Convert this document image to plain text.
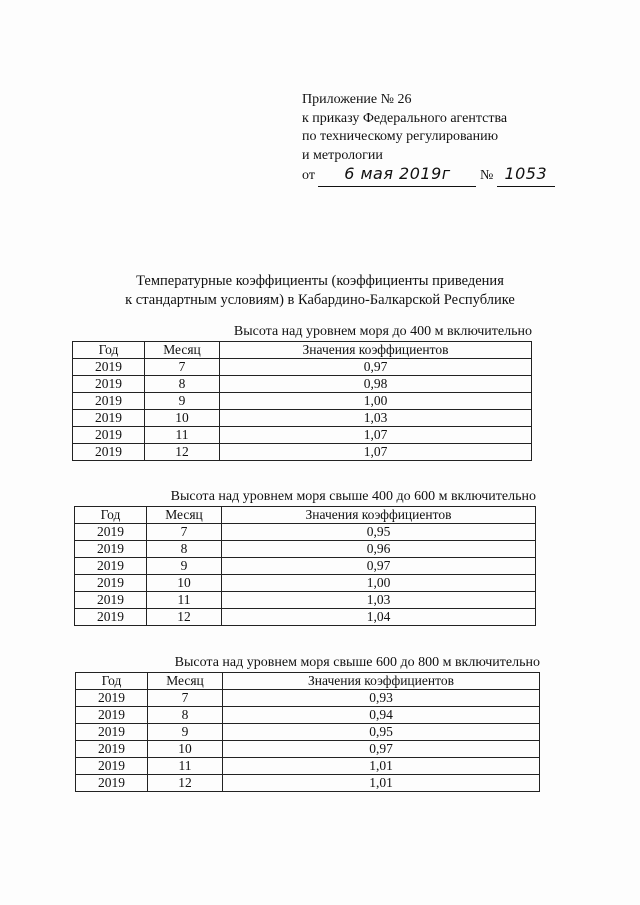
Приложение № 26
к приказу Федерального агентства
по техническому регулированию
и метрологии
от 6 мая 2019г № 1053
Температурные коэффициенты (коэффициенты приведения
к стандартным условиям) в Кабардино-Балкарской Республике
Высота над уровнем моря до 400 м включительно
Год	Месяц	Значения коэффициентов
2019	7	0,97
2019	8	0,98
2019	9	1,00
2019	10	1,03
2019	11	1,07
2019	12	1,07
Высота над уровнем моря свыше 400 до 600 м включительно
Год	Месяц	Значения коэффициентов
2019	7	0,95
2019	8	0,96
2019	9	0,97
2019	10	1,00
2019	11	1,03
2019	12	1,04
Высота над уровнем моря свыше 600 до 800 м включительно
Год	Месяц	Значения коэффициентов
2019	7	0,93
2019	8	0,94
2019	9	0,95
2019	10	0,97
2019	11	1,01
2019	12	1,01
